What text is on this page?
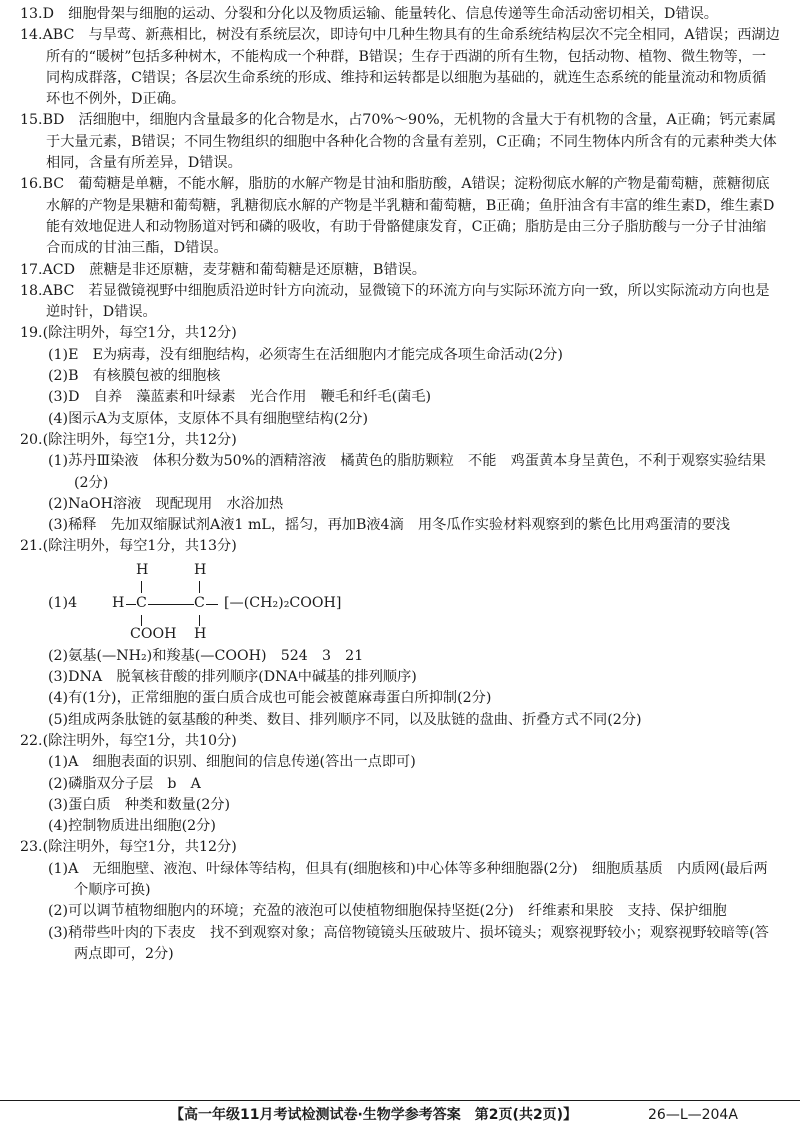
13.D　细胞骨架与细胞的运动、分裂和分化以及物质运输、能量转化、信息传递等生命活动密切相关，D错误。

14.ABC　与旱莺、新燕相比，树没有系统层次，即诗句中几种生物具有的生命系统结构层次不完全相同，A错误；西湖边所有的“暖树”包括多种树木，不能构成一个种群，B错误；生存于西湖的所有生物，包括动物、植物、微生物等，一同构成群落，C错误；各层次生命系统的形成、维持和运转都是以细胞为基础的，就连生态系统的能量流动和物质循环也不例外，D正确。

15.BD　活细胞中，细胞内含量最多的化合物是水，占70%～90%，无机物的含量大于有机物的含量，A正确；钙元素属于大量元素，B错误；不同生物组织的细胞中各种化合物的含量有差别，C正确；不同生物体内所含有的元素种类大体相同，含量有所差异，D错误。

16.BC　葡萄糖是单糖，不能水解，脂肪的水解产物是甘油和脂肪酸，A错误；淀粉彻底水解的产物是葡萄糖，蔗糖彻底水解的产物是果糖和葡萄糖，乳糖彻底水解的产物是半乳糖和葡萄糖，B正确；鱼肝油含有丰富的维生素D，维生素D能有效地促进人和动物肠道对钙和磷的吸收，有助于骨骼健康发育，C正确；脂肪是由三分子脂肪酸与一分子甘油缩合而成的甘油三酯，D错误。

17.ACD　蔗糖是非还原糖，麦芽糖和葡萄糖是还原糖，B错误。

18.ABC　若显微镜视野中细胞质沿逆时针方向流动，显微镜下的环流方向与实际环流方向一致，所以实际流动方向也是逆时针，D错误。

19.(除注明外，每空1分，共12分)

(1)E　E为病毒，没有细胞结构，必须寄生在活细胞内才能完成各项生命活动(2分)

(2)B　有核膜包被的细胞核

(3)D　自养　藻蓝素和叶绿素　光合作用　鞭毛和纤毛(菌毛)

(4)图示A为支原体，支原体不具有细胞壁结构(2分)

20.(除注明外，每空1分，共12分)

(1)苏丹Ⅲ染液　体积分数为50%的酒精溶液　橘黄色的脂肪颗粒　不能　鸡蛋黄本身呈黄色，不利于观察实验结果(2分)

(2)NaOH溶液　现配现用　水浴加热

(3)稀释　先加双缩脲试剂A液1 mL，摇匀，再加B液4滴　用冬瓜作实验材料观察到的紫色比用鸡蛋清的要浅

21.(除注明外，每空1分，共13分)

(1)4
H	H
H C	C [—(CH₂)₂COOH]
COOH H

(2)氨基(—NH₂)和羧基(—COOH)　524　3　21

(3)DNA　脱氧核苷酸的排列顺序(DNA中碱基的排列顺序)

(4)有(1分)，正常细胞的蛋白质合成也可能会被蓖麻毒蛋白所抑制(2分)

(5)组成两条肽链的氨基酸的种类、数目、排列顺序不同，以及肽链的盘曲、折叠方式不同(2分)

22.(除注明外，每空1分，共10分)

(1)A　细胞表面的识别、细胞间的信息传递(答出一点即可)

(2)磷脂双分子层　b　A

(3)蛋白质　种类和数量(2分)

(4)控制物质进出细胞(2分)

23.(除注明外，每空1分，共12分)

(1)A　无细胞壁、液泡、叶绿体等结构，但具有(细胞核和)中心体等多种细胞器(2分)　细胞质基质　内质网(最后两个顺序可换)

(2)可以调节植物细胞内的环境；充盈的液泡可以使植物细胞保持坚挺(2分)　纤维素和果胶　支持、保护细胞

(3)稍带些叶肉的下表皮　找不到观察对象；高倍物镜镜头压破玻片、损坏镜头；观察视野较小；观察视野较暗等(答两点即可，2分)

【高一年级11月考试检测试卷·生物学参考答案　第2页(共2页)】	26—L—204A
